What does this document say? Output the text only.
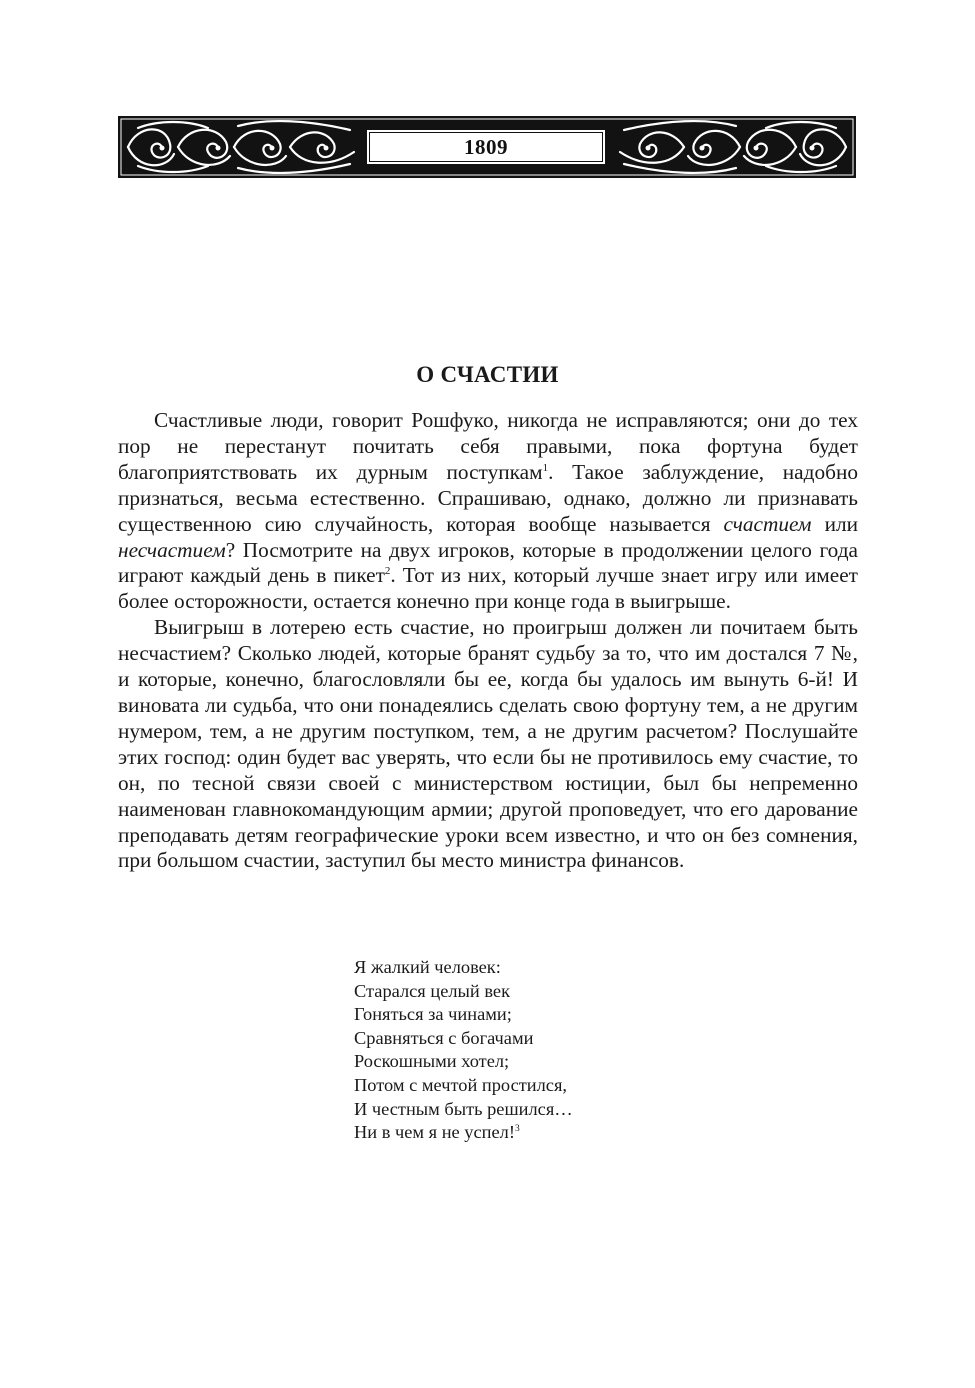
1809
О СЧАСТИИ

Счастливые люди, говорит Рошфуко, никогда не исправляются; они до тех пор не перестанут почитать себя правыми, пока фортуна будет благоприятствовать их дурным поступкам$^1$. Такое заблуждение, надобно признаться, весьма естественно. Спрашиваю, однако, должно ли признавать существенною сию случайность, которая вообще называется счастием или несчастием? Посмотрите на двух игроков, которые в продолжении целого года играют каждый день в пикет$^2$. Тот из них, который лучше знает игру или имеет более осторожности, остается конечно при конце года в выигрыше.

Выигрыш в лотерею есть счастие, но проигрыш должен ли почитаем быть несчастием? Сколько людей, которые бранят судьбу за то, что им достался 7 №, и которые, конечно, благословляли бы ее, когда бы удалось им вынуть 6-й! И виновата ли судьба, что они понадеялись сделать свою фортуну тем, а не другим нумером, тем, а не другим поступком, тем, а не другим расчетом? Послушайте этих господ: один будет вас уверять, что если бы не противилось ему счастие, то он, по тесной связи своей с министерством юстиции, был бы непременно наименован главнокомандующим армии; другой проповедует, что его дарование преподавать детям географические уроки всем известно, и что он без сомнения, при большом счастии, заступил бы место министра финансов.

Я жалкий человек:
Старался целый век
Гоняться за чинами;
Сравняться с богачами
Роскошными хотел;
Потом с мечтой простился,
И честным быть решился…
Ни в чем я не успел!$^3$
